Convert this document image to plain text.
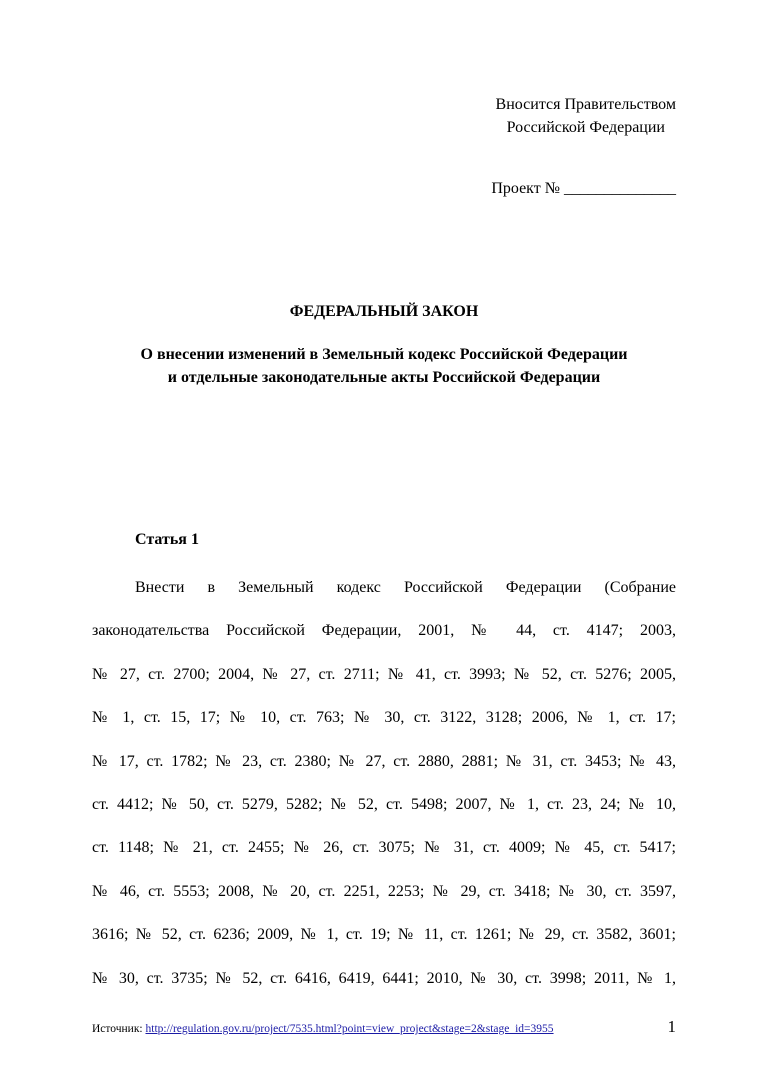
Вносится Правительством
Российской Федерации
Проект № ______________
ФЕДЕРАЛЬНЫЙ ЗАКОН
О внесении изменений в Земельный кодекс Российской Федерации
и отдельные законодательные акты Российской Федерации
Статья 1
Внести в Земельный кодекс Российской Федерации (Собрание
законодательства Российской Федерации, 2001, № 44, ст. 4147; 2003,
№ 27, ст. 2700; 2004, № 27, ст. 2711; № 41, ст. 3993; № 52, ст. 5276; 2005,
№ 1, ст. 15, 17; № 10, ст. 763; № 30, ст. 3122, 3128; 2006, № 1, ст. 17;
№ 17, ст. 1782; № 23, ст. 2380; № 27, ст. 2880, 2881; № 31, ст. 3453; № 43,
ст. 4412; № 50, ст. 5279, 5282; № 52, ст. 5498; 2007, № 1, ст. 23, 24; № 10,
ст. 1148; № 21, ст. 2455; № 26, ст. 3075; № 31, ст. 4009; № 45, ст. 5417;
№ 46, ст. 5553; 2008, № 20, ст. 2251, 2253; № 29, ст. 3418; № 30, ст. 3597,
3616; № 52, ст. 6236; 2009, № 1, ст. 19; № 11, ст. 1261; № 29, ст. 3582, 3601;
№ 30, ст. 3735; № 52, ст. 6416, 6419, 6441; 2010, № 30, ст. 3998; 2011, № 1,
Источник: http://regulation.gov.ru/project/7535.html?point=view_project&stage=2&stage_id=3955	1
